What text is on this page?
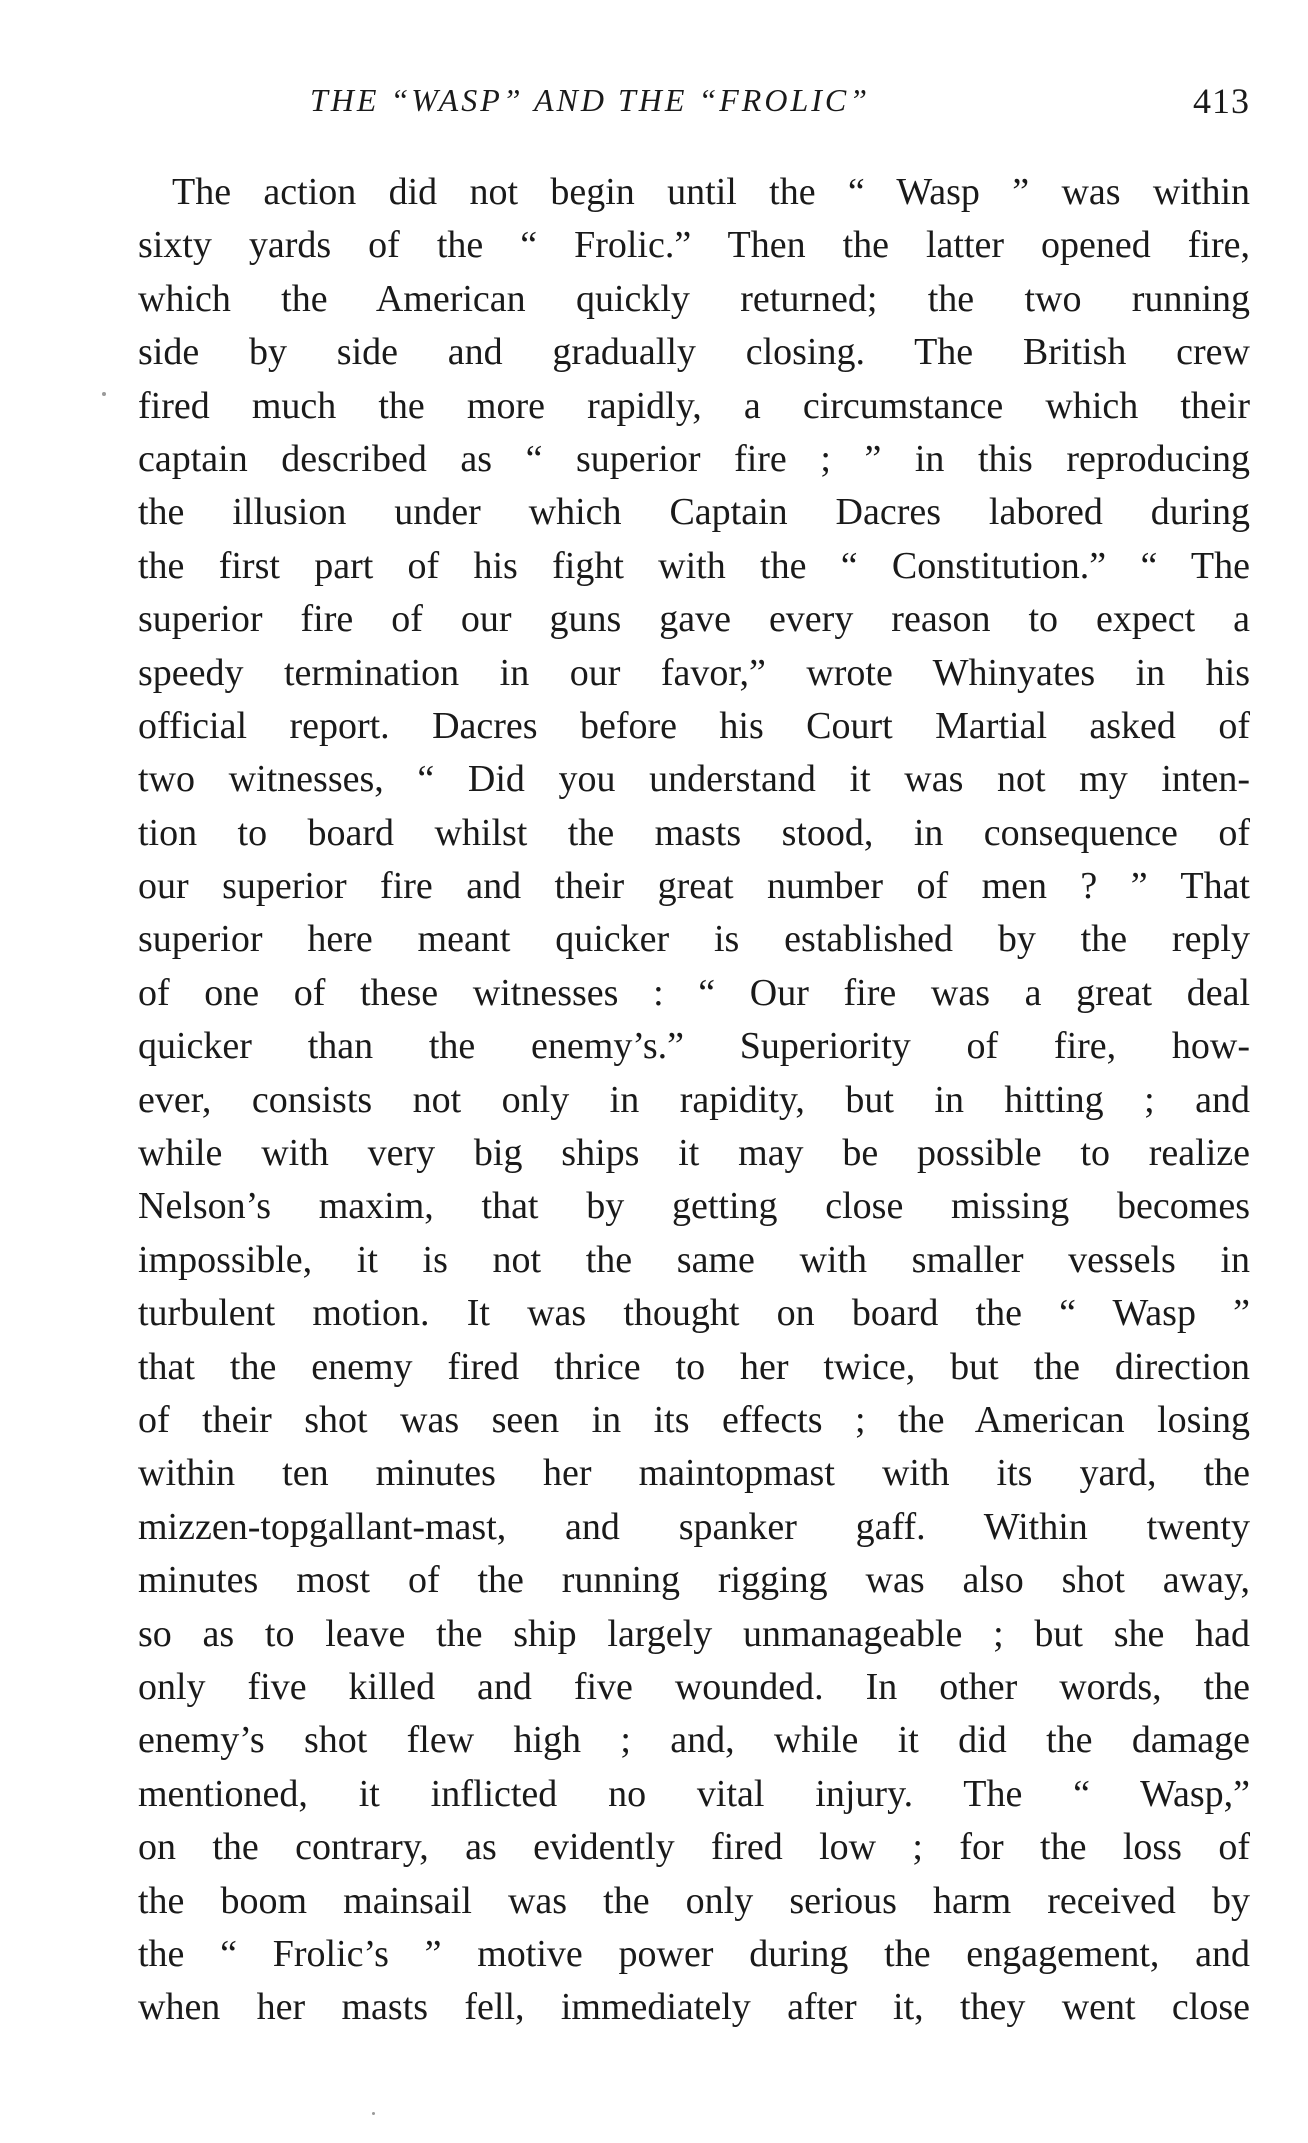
THE “WASP” AND THE “FROLIC”	413
The action did not begin until the “ Wasp ” was within
sixty yards of the “ Frolic.” Then the latter opened fire,
which the American quickly returned; the two running
side by side and gradually closing. The British crew
fired much the more rapidly, a circumstance which their
captain described as “ superior fire ; ” in this reproducing
the illusion under which Captain Dacres labored during
the first part of his fight with the “ Constitution.” “ The
superior fire of our guns gave every reason to expect a
speedy termination in our favor,” wrote Whinyates in his
official report. Dacres before his Court Martial asked of
two witnesses, “ Did you understand it was not my inten-
tion to board whilst the masts stood, in consequence of
our superior fire and their great number of men ? ” That
superior here meant quicker is established by the reply
of one of these witnesses : “ Our fire was a great deal
quicker than the enemy’s.” Superiority of fire, how-
ever, consists not only in rapidity, but in hitting ; and
while with very big ships it may be possible to realize
Nelson’s maxim, that by getting close missing becomes
impossible, it is not the same with smaller vessels in
turbulent motion. It was thought on board the “ Wasp ”
that the enemy fired thrice to her twice, but the direction
of their shot was seen in its effects ; the American losing
within ten minutes her maintopmast with its yard, the
mizzen-topgallant-mast, and spanker gaff. Within twenty
minutes most of the running rigging was also shot away,
so as to leave the ship largely unmanageable ; but she had
only five killed and five wounded. In other words, the
enemy’s shot flew high ; and, while it did the damage
mentioned, it inflicted no vital injury. The “ Wasp,”
on the contrary, as evidently fired low ; for the loss of
the boom mainsail was the only serious harm received by
the “ Frolic’s ” motive power during the engagement, and
when her masts fell, immediately after it, they went close
